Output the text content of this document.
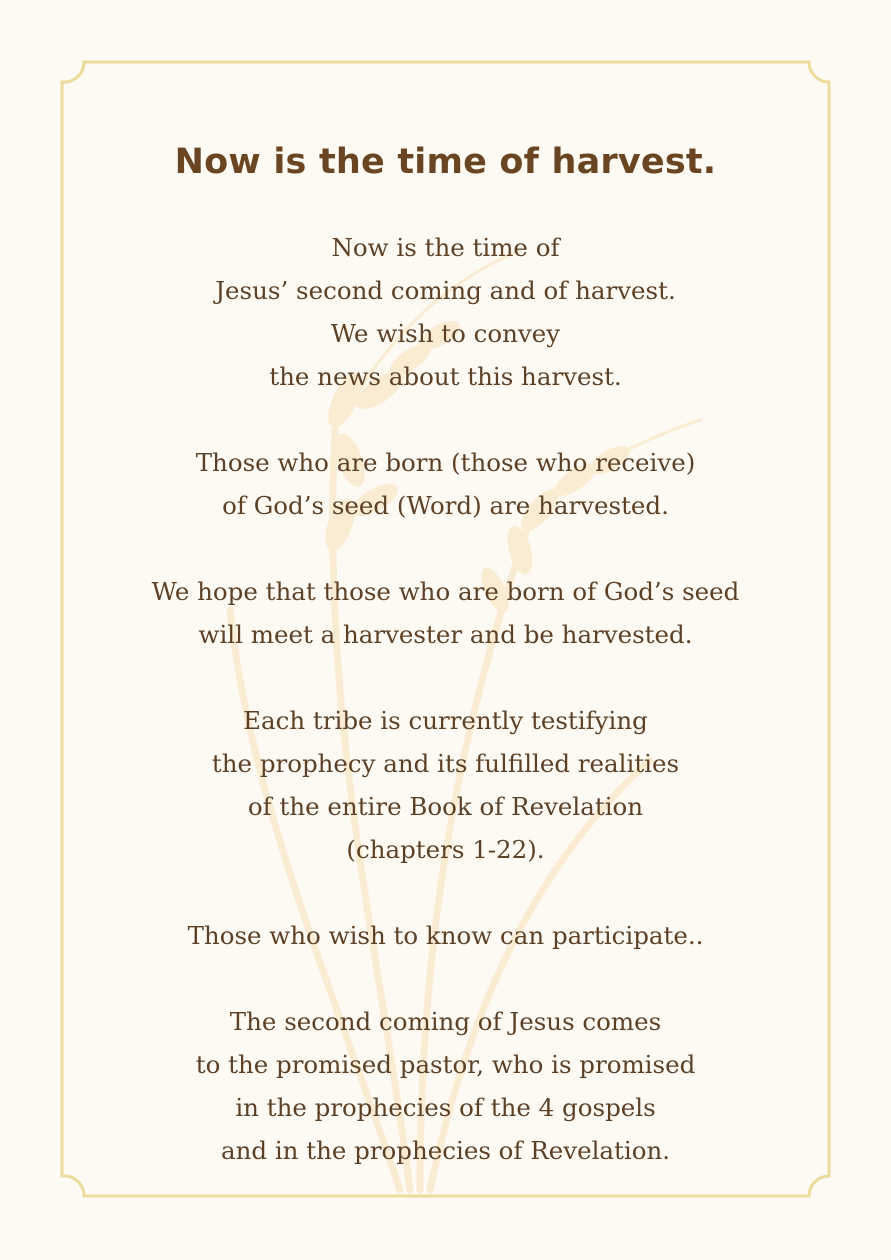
Now is the time of harvest.
Now is the time of
Jesus’ second coming and of harvest.
We wish to convey
the news about this harvest.
Those who are born (those who receive)
of God’s seed (Word) are harvested.
We hope that those who are born of God’s seed
will meet a harvester and be harvested.
Each tribe is currently testifying
the prophecy and its fulfilled realities
of the entire Book of Revelation
(chapters 1-22).
Those who wish to know can participate..
The second coming of Jesus comes
to the promised pastor, who is promised
in the prophecies of the 4 gospels
and in the prophecies of Revelation.
